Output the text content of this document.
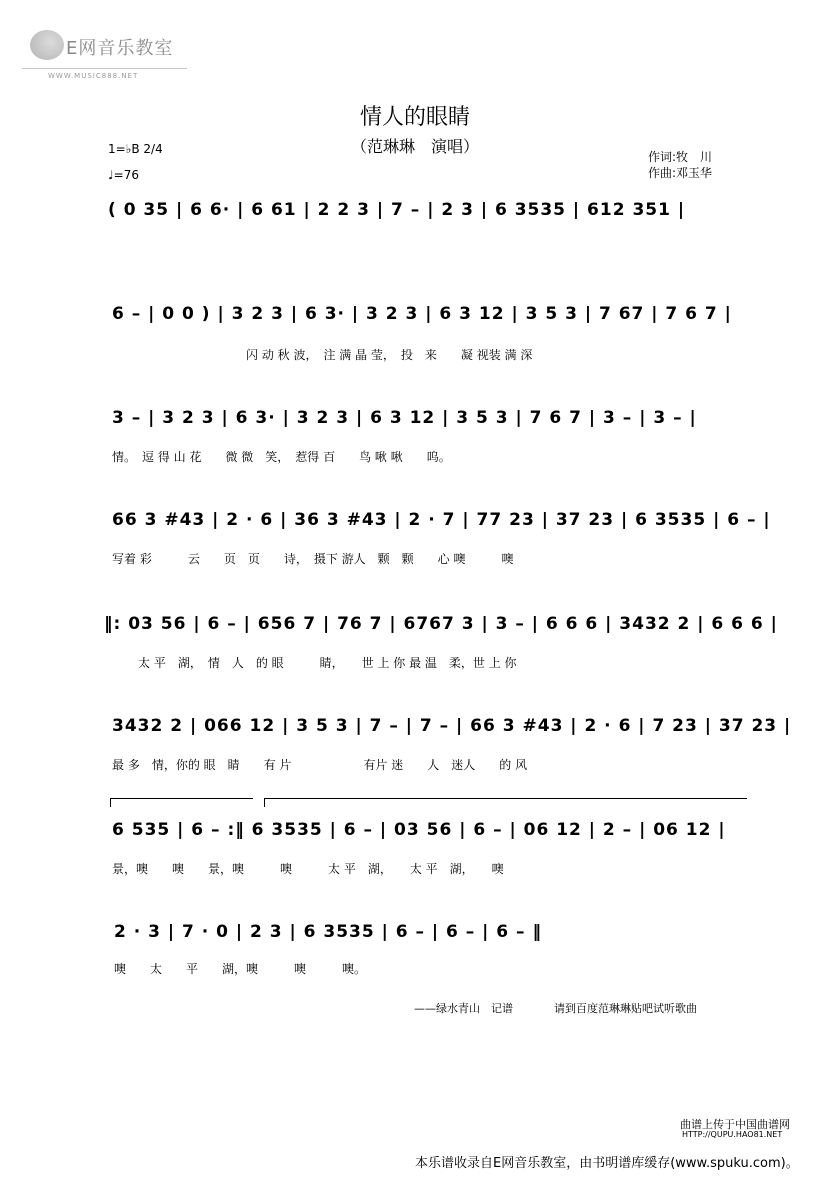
E网音乐教室
WWW.MUSIC888.NET
情人的眼睛
（范琳琳　演唱）
作词:牧　川
作曲:邓玉华
1=♭B 2/4
♩=76
( 0 35 | 6 6· | 6 61 | 2 2 3 | 7 – | 2 3 | 6 3535 | 612 351 |
6 – | 0 0 ) | 3 2 3 | 6 3· | 3 2 3 | 6 3 12 | 3 5 3 | 7 67 | 7 6 7 |
闪 动 秋 波，　注 满 晶 莹，　投　来　　凝 视装 满 深
3 – | 3 2 3 | 6 3· | 3 2 3 | 6 3 12 | 3 5 3 | 7 6 7 | 3 – | 3 – |
情。　逗 得 山 花　　微 微　笑，　惹得 百　　鸟 啾 啾　　呜。
66 3 #43 | 2 · 6 | 36 3 #43 | 2 · 7 | 77 23 | 37 23 | 6 3535 | 6 – |
写着 彩　　　云　　页　页　　诗，　摄下 游人　颗　颗　　心 噢　　　噢
‖: 03 56 | 6 – | 656 7 | 76 7 | 6767 3 | 3 – | 6 6 6 | 3432 2 | 6 6 6 |
太 平　湖，　情　人　的 眼　　　睛，　　世 上 你 最 温　柔，世 上 你
3432 2 | 066 12 | 3 5 3 | 7 – | 7 – | 66 3 #43 | 2 · 6 | 7 23 | 37 23 |
最 多　情，你的 眼　睛　　有 片　　　　　　有片 迷　　人　迷人　　的 风
6 535 | 6 – :‖ 6 3535 | 6 – | 03 56 | 6 – | 06 12 | 2 – | 06 12 |
景，噢　　噢　　景，噢　　　噢　　　太 平　湖，　　太 平　湖，　　噢
2 · 3 | 7 · 0 | 2 3 | 6 3535 | 6 – | 6 – | 6 – ‖
噢　　太　　平　　湖，噢　　　噢　　　噢。
——绿水青山　记谱	请到百度范琳琳贴吧试听歌曲
曲谱上传于中国曲谱网
HTTP://QUPU.HAO81.NET
本乐谱收录自E网音乐教室，由书明谱库缓存(www.spuku.com)。
